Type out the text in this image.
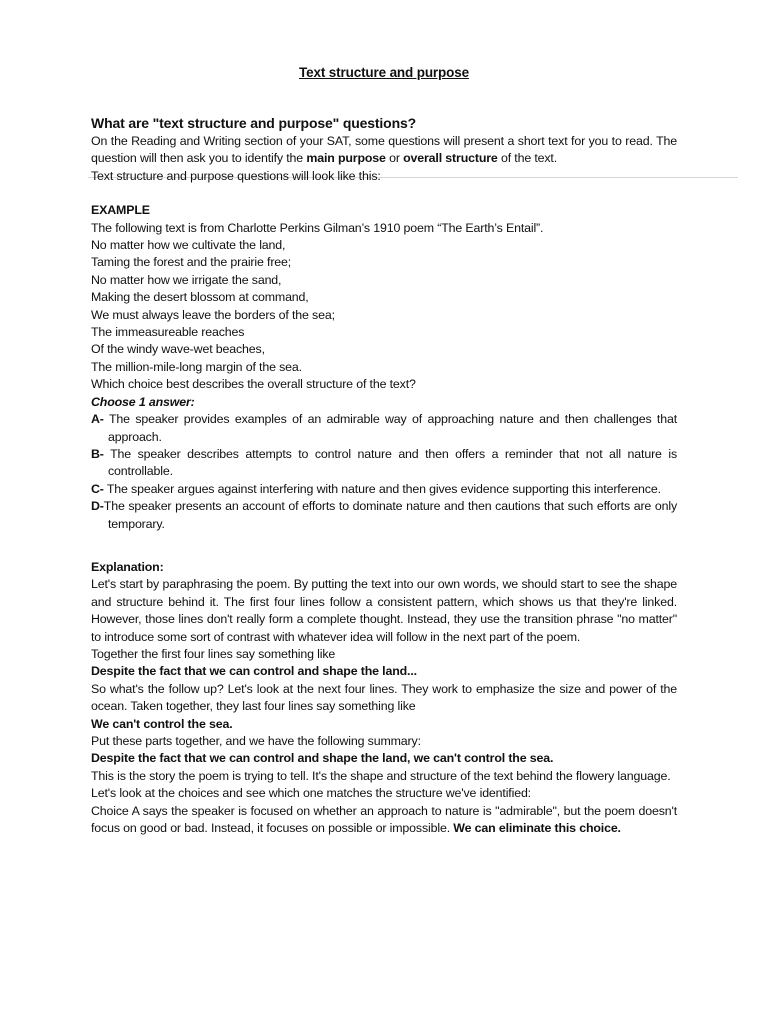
Text structure and purpose

What are "text structure and purpose" questions?

On the Reading and Writing section of your SAT, some questions will present a short text for you to read. The question will then ask you to identify the main purpose or overall structure of the text.

Text structure and purpose questions will look like this:

EXAMPLE

The following text is from Charlotte Perkins Gilman’s 1910 poem “The Earth’s Entail”.

No matter how we cultivate the land,

Taming the forest and the prairie free;

No matter how we irrigate the sand,

Making the desert blossom at command,

We must always leave the borders of the sea;

The immeasureable reaches

Of the windy wave-wet beaches,

The million-mile-long margin of the sea.

Which choice best describes the overall structure of the text?

Choose 1 answer:

A- The speaker provides examples of an admirable way of approaching nature and then challenges that approach.

B- The speaker describes attempts to control nature and then offers a reminder that not all nature is controllable.

C- The speaker argues against interfering with nature and then gives evidence supporting this interference.

D-The speaker presents an account of efforts to dominate nature and then cautions that such efforts are only temporary.

Explanation:

Let's start by paraphrasing the poem. By putting the text into our own words, we should start to see the shape and structure behind it. The first four lines follow a consistent pattern, which shows us that they're linked. However, those lines don't really form a complete thought. Instead, they use the transition phrase "no matter" to introduce some sort of contrast with whatever idea will follow in the next part of the poem.

Together the first four lines say something like

Despite the fact that we can control and shape the land...

So what's the follow up? Let's look at the next four lines. They work to emphasize the size and power of the ocean. Taken together, they last four lines say something like

We can't control the sea.

Put these parts together, and we have the following summary:

Despite the fact that we can control and shape the land, we can't control the sea.

This is the story the poem is trying to tell. It's the shape and structure of the text behind the flowery language.

Let's look at the choices and see which one matches the structure we've identified:

Choice A says the speaker is focused on whether an approach to nature is "admirable", but the poem doesn't focus on good or bad. Instead, it focuses on possible or impossible. We can eliminate this choice.
